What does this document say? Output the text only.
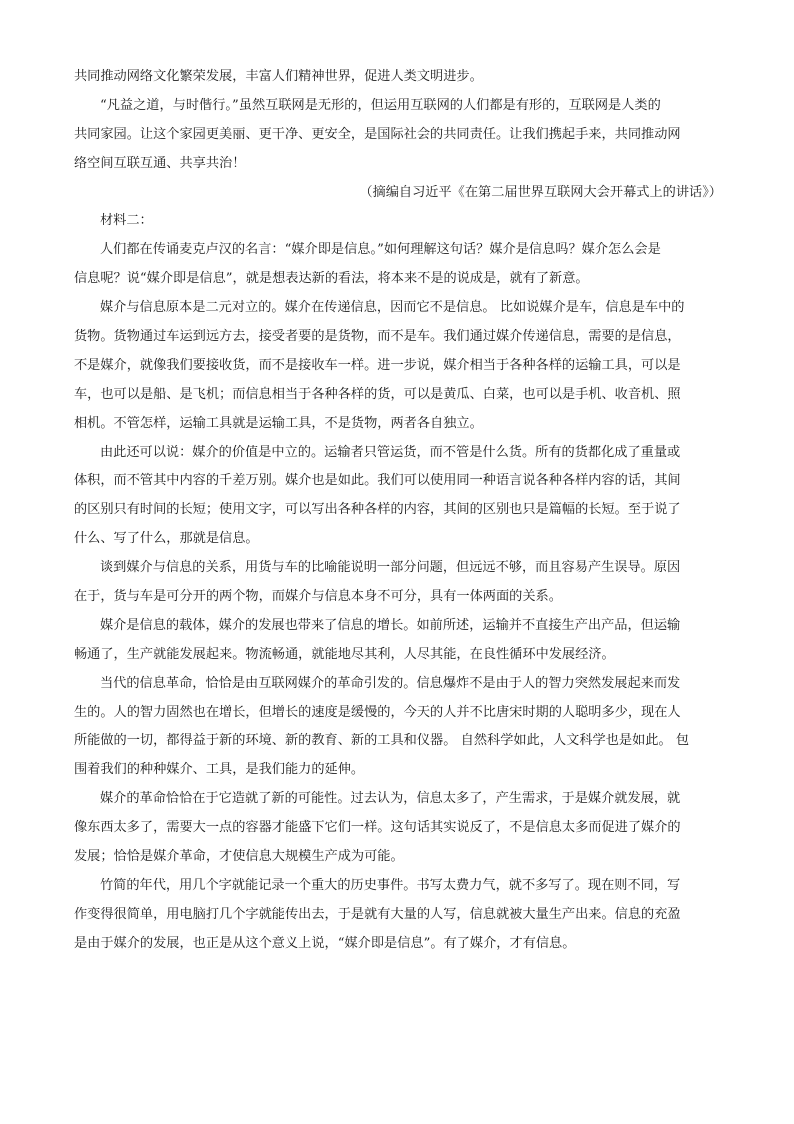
共同推动网络文化繁荣发展，丰富人们精神世界，促进人类文明进步。
“凡益之道，与时偕行。”虽然互联网是无形的，但运用互联网的人们都是有形的，互联网是人类的
共同家园。让这个家园更美丽、更干净、更安全，是国际社会的共同责任。让我们携起手来，共同推动网
络空间互联互通、共享共治！
（摘编自习近平《在第二届世界互联网大会开幕式上的讲话》）
材料二：
人们都在传诵麦克卢汉的名言：“媒介即是信息。”如何理解这句话？媒介是信息吗？媒介怎么会是
信息呢？说“媒介即是信息”，就是想表达新的看法，将本来不是的说成是，就有了新意。
媒介与信息原本是二元对立的。媒介在传递信息，因而它不是信息。 比如说媒介是车，信息是车中的
货物。货物通过车运到远方去，接受者要的是货物，而不是车。我们通过媒介传递信息，需要的是信息，
不是媒介，就像我们要接收货，而不是接收车一样。进一步说，媒介相当于各种各样的运输工具，可以是
车，也可以是船、是飞机；而信息相当于各种各样的货，可以是黄瓜、白菜，也可以是手机、收音机、照
相机。不管怎样，运输工具就是运输工具，不是货物，两者各自独立。
由此还可以说：媒介的价值是中立的。运输者只管运货，而不管是什么货。所有的货都化成了重量或
体积，而不管其中内容的千差万别。媒介也是如此。我们可以使用同一种语言说各种各样内容的话，其间
的区别只有时间的长短；使用文字，可以写出各种各样的内容，其间的区别也只是篇幅的长短。至于说了
什么、写了什么，那就是信息。
谈到媒介与信息的关系，用货与车的比喻能说明一部分问题，但远远不够，而且容易产生误导。原因
在于，货与车是可分开的两个物，而媒介与信息本身不可分，具有一体两面的关系。
媒介是信息的载体，媒介的发展也带来了信息的增长。如前所述，运输并不直接生产出产品，但运输
畅通了，生产就能发展起来。物流畅通，就能地尽其利，人尽其能，在良性循环中发展经济。
当代的信息革命，恰恰是由互联网媒介的革命引发的。信息爆炸不是由于人的智力突然发展起来而发
生的。人的智力固然也在增长，但增长的速度是缓慢的，今天的人并不比唐宋时期的人聪明多少，现在人
所能做的一切，都得益于新的环境、新的教育、新的工具和仪器。 自然科学如此，人文科学也是如此。 包
围着我们的种种媒介、工具，是我们能力的延伸。
媒介的革命恰恰在于它造就了新的可能性。过去认为，信息太多了，产生需求，于是媒介就发展，就
像东西太多了，需要大一点的容器才能盛下它们一样。这句话其实说反了，不是信息太多而促进了媒介的
发展；恰恰是媒介革命，才使信息大规模生产成为可能。
竹简的年代，用几个字就能记录一个重大的历史事件。书写太费力气，就不多写了。现在则不同，写
作变得很简单，用电脑打几个字就能传出去，于是就有大量的人写，信息就被大量生产出来。信息的充盈
是由于媒介的发展，也正是从这个意义上说，“媒介即是信息”。有了媒介，才有信息。
